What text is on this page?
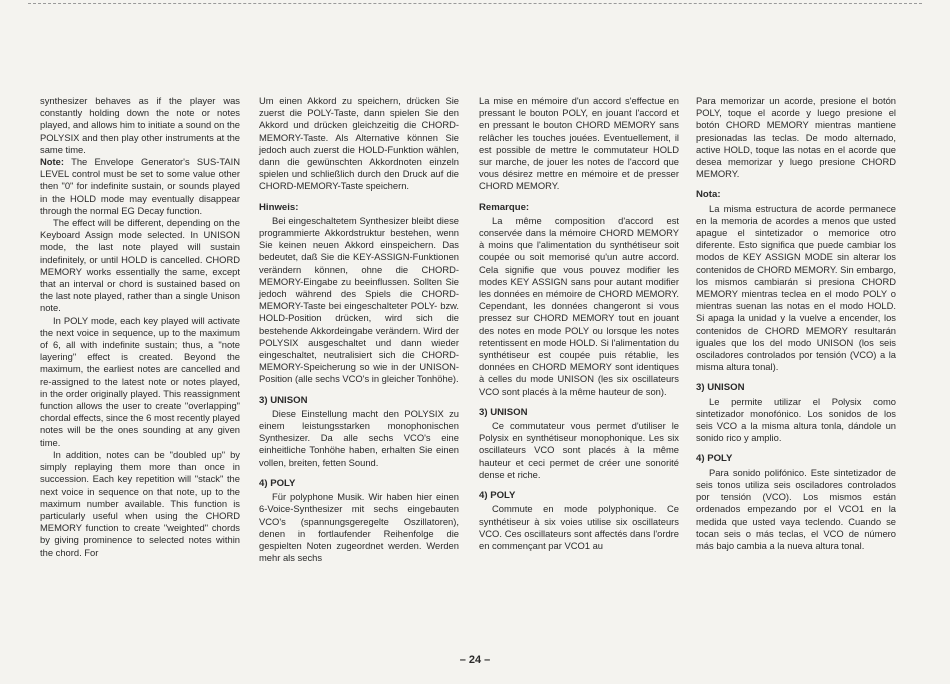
synthesizer behaves as if the player was constantly holding down the note or notes played, and allows him to initiate a sound on the POLYSIX and then play other instruments at the same time.

Note: The Envelope Generator's SUS-TAIN LEVEL control must be set to some value other then "0" for indefinite sustain, or sounds played in the HOLD mode may eventually disappear through the normal EG Decay function.

The effect will be different, depending on the Keyboard Assign mode selected. In UNISON mode, the last note played will sustain indefinitely, or until HOLD is cancelled. CHORD MEMORY works essentially the same, except that an interval or chord is sustained based on the last note played, rather than a single Unison note.

In POLY mode, each key played will activate the next voice in sequence, up to the maximum of 6, all with indefinite sustain; thus, a "note layering" effect is created. Beyond the maximum, the earliest notes are cancelled and re-assigned to the latest note or notes played, in the order originally played. This reassignment function allows the user to create "overlapping" chordal effects, since the 6 most recently played notes will be the ones sounding at any given time.

In addition, notes can be "doubled up" by simply replaying them more than once in succession. Each key repetition will "stack" the next voice in sequence on that note, up to the maximum number available. This function is particularly useful when using the CHORD MEMORY function to create "weighted" chords by giving prominence to selected notes within the chord. For

Um einen Akkord zu speichern, drücken Sie zuerst die POLY-Taste, dann spielen Sie den Akkord und drücken gleichzeitig die CHORD-MEMORY-Taste. Als Alternative können Sie jedoch auch zuerst die HOLD-Funktion wählen, dann die gewünschten Akkordnoten einzeln spielen und schließlich durch den Druck auf die CHORD-MEMORY-Taste speichern.

Hinweis:

Bei eingeschaltetem Synthesizer bleibt diese programmierte Akkordstruktur bestehen, wenn Sie keinen neuen Akkord einspeichern. Das bedeutet, daß Sie die KEY-ASSIGN-Funktionen verändern können, ohne die CHORD-MEMORY-Eingabe zu beeinflussen. Sollten Sie jedoch während des Spiels die CHORD-MEMORY-Taste bei eingeschalteter POLY- bzw. HOLD-Position drücken, wird sich die bestehende Akkordeingabe verändern. Wird der POLYSIX ausgeschaltet und dann wieder eingeschaltet, neutralisiert sich die CHORD-MEMORY-Speicherung so wie in der UNISON-Position (alle sechs VCO's in gleicher Tonhöhe).

3) UNISON

Diese Einstellung macht den POLYSIX zu einem leistungsstarken monophonischen Synthesizer. Da alle sechs VCO's eine einheitliche Tonhöhe haben, erhalten Sie einen vollen, breiten, fetten Sound.

4) POLY

Für polyphone Musik. Wir haben hier einen 6-Voice-Synthesizer mit sechs eingebauten VCO's (spannungsgeregelte Oszillatoren), denen in fortlaufender Reihenfolge die gespielten Noten zugeordnet werden. Werden mehr als sechs

La mise en mémoire d'un accord s'effectue en pressant le bouton POLY, en jouant l'accord et en pressant le bouton CHORD MEMORY sans relâcher les touches jouées. Eventuellement, il est possible de mettre le commutateur HOLD sur marche, de jouer les notes de l'accord que vous désirez mettre en mémoire et de presser CHORD MEMORY.

Remarque:

La même composition d'accord est conservée dans la mémoire CHORD MEMORY à moins que l'alimentation du synthétiseur soit coupée ou soit memorisé qu'un autre accord. Cela signifie que vous pouvez modifier les modes KEY ASSIGN sans pour autant modifier les données en mémoire de CHORD MEMORY. Cependant, les données changeront si vous pressez sur CHORD MEMORY tout en jouant des notes en mode POLY ou lorsque les notes retentissent en mode HOLD. Si l'alimentation du synthétiseur est coupée puis rétablie, les données en CHORD MEMORY sont identiques à celles du mode UNISON (les six oscillateurs VCO sont placés à la même hauteur de son).

3) UNISON

Ce commutateur vous permet d'utiliser le Polysix en synthétiseur monophonique. Les six oscillateurs VCO sont placés à la même hauteur et ceci permet de créer une sonorité dense et riche.

4) POLY

Commute en mode polyphonique. Ce synthétiseur à six voies utilise six oscillateurs VCO. Ces oscillateurs sont affectés dans l'ordre en commençant par VCO1 au

Para memorizar un acorde, presione el botón POLY, toque el acorde y luego presione el botón CHORD MEMORY mientras mantiene presionadas las teclas. De modo alternado, active HOLD, toque las notas en el acorde que desea memorizar y luego presione CHORD MEMORY.

Nota:

La misma estructura de acorde permanece en la memoria de acordes a menos que usted apague el sintetizador o memorice otro diferente. Esto significa que puede cambiar los modos de KEY ASSIGN MODE sin alterar los contenidos de CHORD MEMORY. Sin embargo, los mismos cambiarán si presiona CHORD MEMORY mientras teclea en el modo POLY o mientras suenan las notas en el modo HOLD. Si apaga la unidad y la vuelve a encender, los contenidos de CHORD MEMORY resultarán iguales que los del modo UNISON (los seis osciladores controlados por tensión (VCO) a la misma altura tonal).

3) UNISON

Le permite utilizar el Polysix como sintetizador monofónico. Los sonidos de los seis VCO a la misma altura tonla, dándole un sonido rico y amplio.

4) POLY

Para sonido polifónico. Este sintetizador de seis tonos utiliza seis osciladores controlados por tensión (VCO). Los mismos están ordenados empezando por el VCO1 en la medida que usted vaya teclendo. Cuando se tocan seis o más teclas, el VCO de número más bajo cambia a la nueva altura tonal.

– 24 –
